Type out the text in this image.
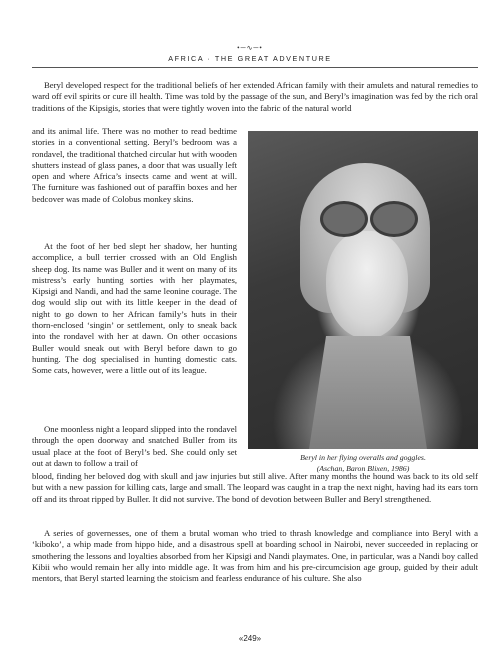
•─∿─•
AFRICA · THE GREAT ADVENTURE

Beryl developed respect for the traditional beliefs of her extended African family with their amulets and natural remedies to ward off evil spirits or cure ill health. Time was told by the passage of the sun, and Beryl’s imagination was fed by the rich oral traditions of the Kipsigis, stories that were tightly woven into the fabric of the natural world

and its animal life. There was no mother to read bedtime stories in a conventional setting. Beryl’s bedroom was a rondavel, the traditional thatched circular hut with wooden shutters instead of glass panes, a door that was usually left open and where Africa’s insects came and went at will. The furniture was fashioned out of paraffin boxes and her bedcover was made of Colobus monkey skins.

At the foot of her bed slept her shadow, her hunting accomplice, a bull terrier crossed with an Old English sheep dog. Its name was Buller and it went on many of its mistress’s early hunting sorties with her playmates, Kipsigi and Nandi, and had the same leonine courage. The dog would slip out with its little keeper in the dead of night to go down to her African family’s huts in their thorn-enclosed ‘singin’ or settlement, only to sneak back into the rondavel with her at dawn. On other occasions Buller would sneak out with Beryl before dawn to go hunting. The dog specialised in hunting domestic cats. Some cats, however, were a little out of its league.

One moonless night a leopard slipped into the rondavel through the open doorway and snatched Buller from its usual place at the foot of Beryl’s bed. She could only set out at dawn to follow a trail of

blood, finding her beloved dog with skull and jaw injuries but still alive. After many months the hound was back to its old self but with a new passion for killing cats, large and small. The leopard was caught in a trap the next night, having had its ears torn off and its throat ripped by Buller. It did not survive. The bond of devotion between Buller and Beryl strengthened.

A series of governesses, one of them a brutal woman who tried to thrash knowledge and compliance into Beryl with a ‘kiboko’, a whip made from hippo hide, and a disastrous spell at boarding school in Nairobi, never succeeded in replacing or smothering the lessons and loyalties absorbed from her Kipsigi and Nandi playmates. One, in particular, was a Nandi boy called Kibii who would remain her ally into middle age. It was from him and his pre-circumcision age group, guided by their adult mentors, that Beryl started learning the stoicism and fearless endurance of his culture. She also

Beryl in her flying overalls and goggles.

(Aschan, Baron Blixen, 1986)

«249»
